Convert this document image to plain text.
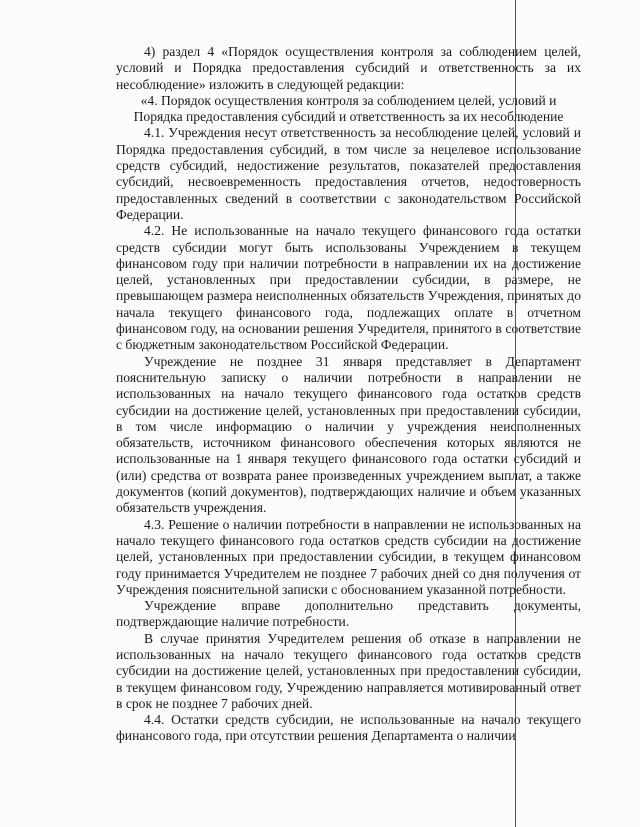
4) раздел 4 «Порядок осуществления контроля за соблюдением целей, условий и Порядка предоставления субсидий и ответственность за их несоблюдение» изложить в следующей редакции:

«4. Порядок осуществления контроля за соблюдением целей, условий и Порядка предоставления субсидий и ответственность за их несоблюдение

4.1. Учреждения несут ответственность за несоблюдение целей, условий и Порядка предоставления субсидий, в том числе за нецелевое использование средств субсидий, недостижение результатов, показателей предоставления субсидий, несвоевременность предоставления отчетов, недостоверность предоставленных сведений в соответствии с законодательством Российской Федерации.

4.2. Не использованные на начало текущего финансового года остатки средств субсидии могут быть использованы Учреждением в текущем финансовом году при наличии потребности в направлении их на достижение целей, установленных при предоставлении субсидии, в размере, не превышающем размера неисполненных обязательств Учреждения, принятых до начала текущего финансового года, подлежащих оплате в отчетном финансовом году, на основании решения Учредителя, принятого в соответствие с бюджетным законодательством Российской Федерации.

Учреждение не позднее 31 января представляет в Департамент пояснительную записку о наличии потребности в направлении не использованных на начало текущего финансового года остатков средств субсидии на достижение целей, установленных при предоставлении субсидии, в том числе информацию о наличии у учреждения неисполненных обязательств, источником финансового обеспечения которых являются не использованные на 1 января текущего финансового года остатки субсидий и (или) средства от возврата ранее произведенных учреждением выплат, а также документов (копий документов), подтверждающих наличие и объем указанных обязательств учреждения.

4.3. Решение о наличии потребности в направлении не использованных на начало текущего финансового года остатков средств субсидии на достижение целей, установленных при предоставлении субсидии, в текущем финансовом году принимается Учредителем не позднее 7 рабочих дней со дня получения от Учреждения пояснительной записки с обоснованием указанной потребности.

Учреждение вправе дополнительно представить документы, подтверждающие наличие потребности.

В случае принятия Учредителем решения об отказе в направлении не использованных на начало текущего финансового года остатков средств субсидии на достижение целей, установленных при предоставлении субсидии, в текущем финансовом году, Учреждению направляется мотивированный ответ в срок не позднее 7 рабочих дней.

4.4. Остатки средств субсидии, не использованные на начало текущего финансового года, при отсутствии решения Департамента о наличии
